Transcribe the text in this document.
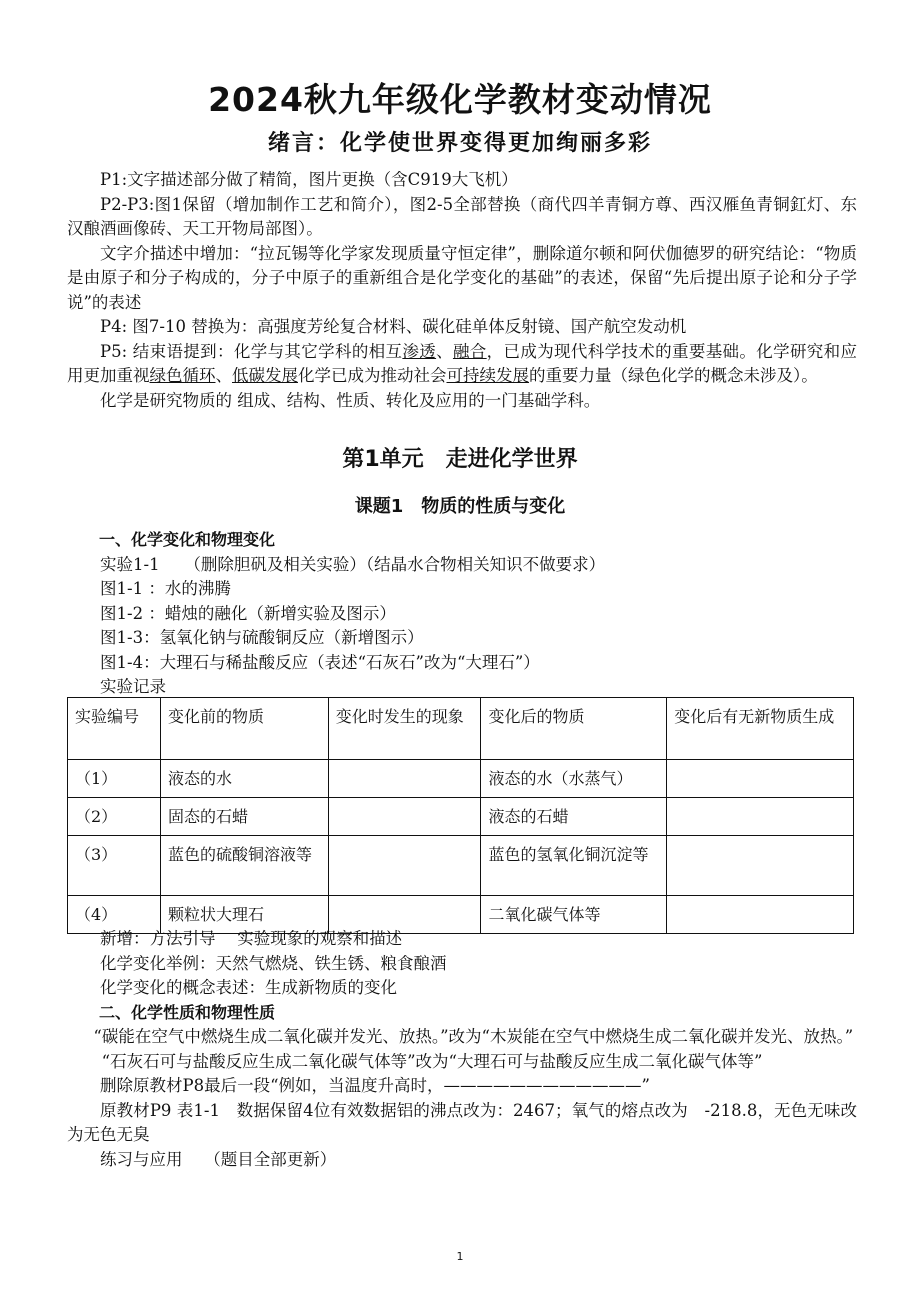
2024秋九年级化学教材变动情况
绪言：化学使世界变得更加绚丽多彩

P1:文字描述部分做了精简，图片更换（含C919大飞机）

P2-P3:图1保留（增加制作工艺和简介），图2-5全部替换（商代四羊青铜方尊、西汉雁鱼青铜釭灯、东汉酿酒画像砖、天工开物局部图）。

文字介描述中增加：“拉瓦锡等化学家发现质量守恒定律”，删除道尔顿和阿伏伽德罗的研究结论：“物质是由原子和分子构成的，分子中原子的重新组合是化学变化的基础”的表述，保留“先后提出原子论和分子学说”的表述

P4: 图7-10 替换为：高强度芳纶复合材料、碳化硅单体反射镜、国产航空发动机

P5: 结束语提到：化学与其它学科的相互渗透、融合，已成为现代科学技术的重要基础。化学研究和应用更加重视绿色循环、低碳发展化学已成为推动社会可持续发展的重要力量（绿色化学的概念未涉及）。

化学是研究物质的 组成、结构、性质、转化及应用的一门基础学科。

第1单元　走进化学世界
课题1　物质的性质与变化

一、化学变化和物理变化

实验1-1　　（删除胆矾及相关实验）（结晶水合物相关知识不做要求）

图1-1 ：水的沸腾

图1-2 ：蜡烛的融化（新增实验及图示）

图1-3：氢氧化钠与硫酸铜反应（新增图示）

图1-4：大理石与稀盐酸反应（表述“石灰石”改为“大理石”）

实验记录

实验编号	变化前的物质	变化时发生的现象	变化后的物质	变化后有无新物质生成
（1）	液态的水		液态的水（水蒸气）	
（2）	固态的石蜡		液态的石蜡	
（3）	蓝色的硫酸铜溶液等		蓝色的氢氧化铜沉淀等	
（4）	颗粒状大理石		二氧化碳气体等	

新增：方法引导　 实验现象的观察和描述

化学变化举例：天然气燃烧、铁生锈、粮食酿酒

化学变化的概念表述：生成新物质的变化

二、化学性质和物理性质

“碳能在空气中燃烧生成二氧化碳并发光、放热。”改为“木炭能在空气中燃烧生成二氧化碳并发光、放热。”

“石灰石可与盐酸反应生成二氧化碳气体等”改为“大理石可与盐酸反应生成二氧化碳气体等”

删除原教材P8最后一段“例如，当温度升高时，————————————”

原教材P9 表1-1　数据保留4位有效数据铝的沸点改为：2467；氧气的熔点改为　-218.8，无色无味改为无色无臭

练习与应用　 （题目全部更新）

1
